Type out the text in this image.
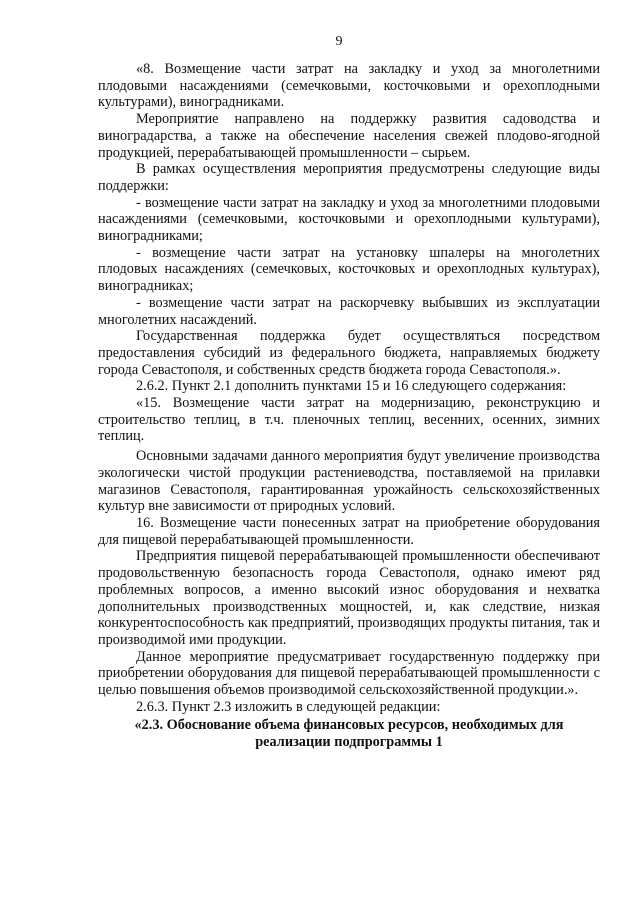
9

«8. Возмещение части затрат на закладку и уход за многолетними плодовыми насаждениями (семечковыми, косточковыми и орехоплодными культурами), виноградниками.

Мероприятие направлено на поддержку развития садоводства и виноградарства, а также на обеспечение населения свежей плодово-ягодной продукцией, перерабатывающей промышленности – сырьем.

В рамках осуществления мероприятия предусмотрены следующие виды поддержки:

- возмещение части затрат на закладку и уход за многолетними плодовыми насаждениями (семечковыми, косточковыми и орехоплодными культурами), виноградниками;

- возмещение части затрат на установку шпалеры на многолетних плодовых насаждениях (семечковых, косточковых и орехоплодных культурах), виноградниках;

- возмещение части затрат на раскорчевку выбывших из эксплуатации многолетних насаждений.

Государственная поддержка будет осуществляться посредством предоставления субсидий из федерального бюджета, направляемых бюджету города Севастополя, и собственных средств бюджета города Севастополя.».

2.6.2. Пункт 2.1 дополнить пунктами 15 и 16 следующего содержания:

«15. Возмещение части затрат на модернизацию, реконструкцию и строительство теплиц, в т.ч. пленочных теплиц, весенних, осенних, зимних теплиц.

Основными задачами данного мероприятия будут увеличение производства экологически чистой продукции растениеводства, поставляемой на прилавки магазинов Севастополя, гарантированная урожайность сельскохозяйственных культур вне зависимости от природных условий.

16. Возмещение части понесенных затрат на приобретение оборудования для пищевой перерабатывающей промышленности.

Предприятия пищевой перерабатывающей промышленности обеспечивают продовольственную безопасность города Севастополя, однако имеют ряд проблемных вопросов, а именно высокий износ оборудования и нехватка дополнительных производственных мощностей, и, как следствие, низкая конкурентоспособность как предприятий, производящих продукты питания, так и производимой ими продукции.

Данное мероприятие предусматривает государственную поддержку при приобретении оборудования для пищевой перерабатывающей промышленности с целью повышения объемов производимой сельскохозяйственной продукции.».

2.6.3. Пункт 2.3 изложить в следующей редакции:

«2.3. Обоснование объема финансовых ресурсов, необходимых для реализации подпрограммы 1
